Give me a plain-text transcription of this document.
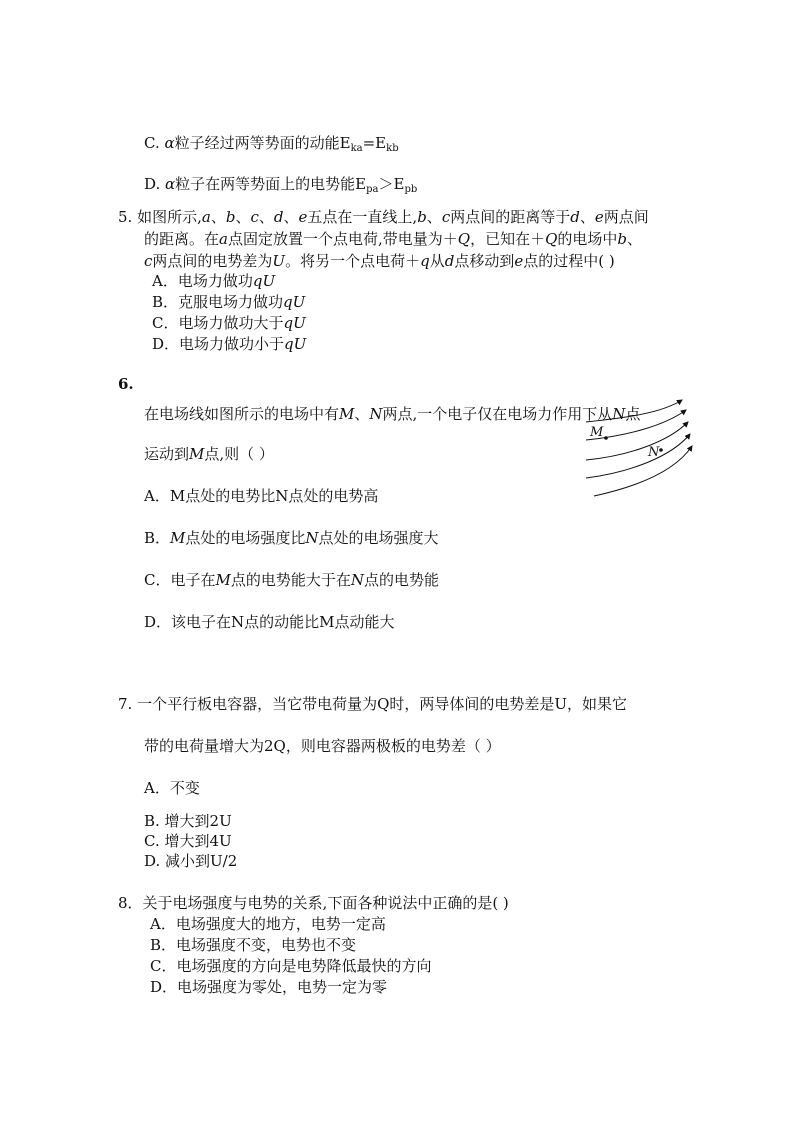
C. α粒子经过两等势面的动能$E_{ka}=E_{kb}$
D. α粒子在两等势面上的电势能$E_{pa}>E_{pb}$
5. 如图所示,a、b、c、d、e五点在一直线上,b、c两点间的距离等于d、e两点间
的距离。在a点固定放置一个点电荷,带电量为＋Q，已知在＋Q的电场中b、
c两点间的电势差为U。将另一个点电荷＋q从d点移动到e点的过程中( )
A．电场力做功qU
B．克服电场力做功qU
C．电场力做功大于qU
D．电场力做功小于qU
6.
在电场线如图所示的电场中有M、N两点,一个电子仅在电场力作用下从N点
运动到M点,则（ ）
M
N
A．M点处的电势比N点处的电势高
B．M点处的电场强度比N点处的电场强度大
C．电子在M点的电势能大于在N点的电势能
D．该电子在N点的动能比M点动能大
7. 一个平行板电容器，当它带电荷量为Q时，两导体间的电势差是U，如果它
带的电荷量增大为2Q，则电容器两极板的电势差（ ）
A．不变
B. 增大到2U
C. 增大到4U
D. 减小到U/2
8．关于电场强度与电势的关系,下面各种说法中正确的是( )
A．电场强度大的地方，电势一定高
B．电场强度不变，电势也不变
C．电场强度的方向是电势降低最快的方向
D．电场强度为零处，电势一定为零
